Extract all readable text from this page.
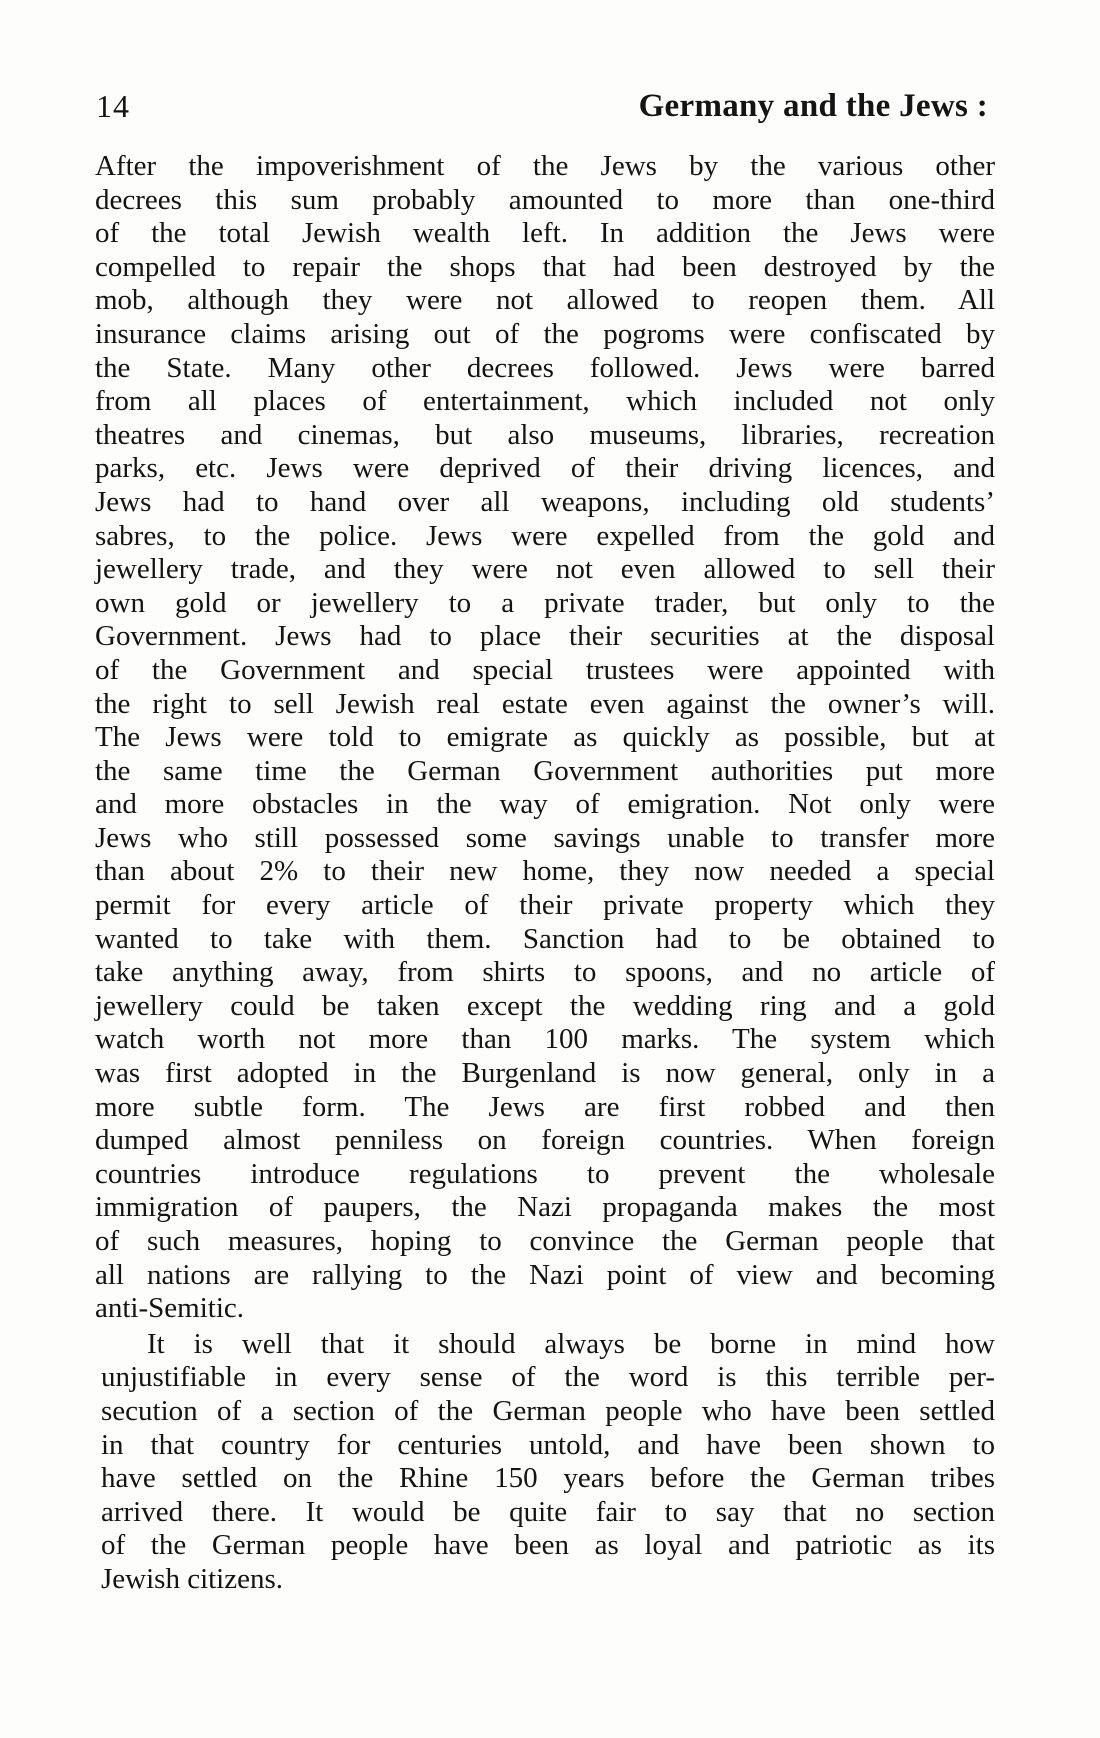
14	Germany and the Jews :
After the impoverishment of the Jews by the various other
decrees this sum probably amounted to more than one-third
of the total Jewish wealth left. In addition the Jews were
compelled to repair the shops that had been destroyed by the
mob, although they were not allowed to reopen them. All
insurance claims arising out of the pogroms were confiscated by
the State. Many other decrees followed. Jews were barred
from all places of entertainment, which included not only
theatres and cinemas, but also museums, libraries, recreation
parks, etc. Jews were deprived of their driving licences, and
Jews had to hand over all weapons, including old students’
sabres, to the police. Jews were expelled from the gold and
jewellery trade, and they were not even allowed to sell their
own gold or jewellery to a private trader, but only to the
Government. Jews had to place their securities at the disposal
of the Government and special trustees were appointed with
the right to sell Jewish real estate even against the owner’s will.
The Jews were told to emigrate as quickly as possible, but at
the same time the German Government authorities put more
and more obstacles in the way of emigration. Not only were
Jews who still possessed some savings unable to transfer more
than about 2% to their new home, they now needed a special
permit for every article of their private property which they
wanted to take with them. Sanction had to be obtained to
take anything away, from shirts to spoons, and no article of
jewellery could be taken except the wedding ring and a gold
watch worth not more than 100 marks. The system which
was first adopted in the Burgenland is now general, only in a
more subtle form. The Jews are first robbed and then
dumped almost penniless on foreign countries. When foreign
countries introduce regulations to prevent the wholesale
immigration of paupers, the Nazi propaganda makes the most
of such measures, hoping to convince the German people that
all nations are rallying to the Nazi point of view and becoming
anti-Semitic.
It is well that it should always be borne in mind how
unjustifiable in every sense of the word is this terrible per-
secution of a section of the German people who have been settled
in that country for centuries untold, and have been shown to
have settled on the Rhine 150 years before the German tribes
arrived there. It would be quite fair to say that no section
of the German people have been as loyal and patriotic as its
Jewish citizens.
